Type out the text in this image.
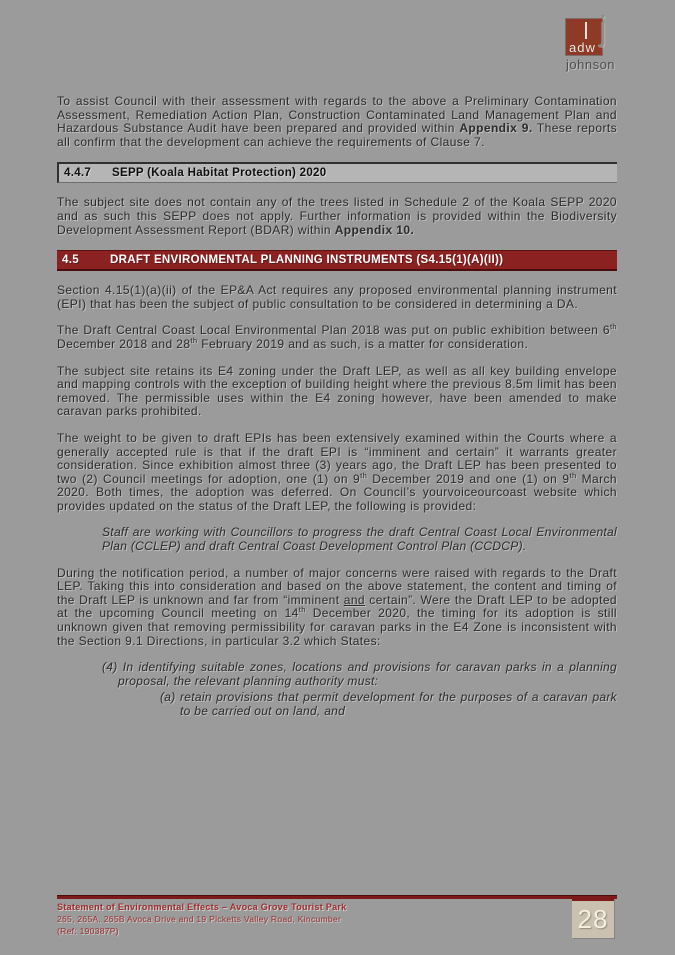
j
adw
johnson

To assist Council with their assessment with regards to the above a Preliminary Contamination Assessment, Remediation Action Plan, Construction Contaminated Land Management Plan and Hazardous Substance Audit have been prepared and provided within Appendix 9. These reports all confirm that the development can achieve the requirements of Clause 7.

4.4.7	SEPP (Koala Habitat Protection) 2020

The subject site does not contain any of the trees listed in Schedule 2 of the Koala SEPP 2020 and as such this SEPP does not apply. Further information is provided within the Biodiversity Development Assessment Report (BDAR) within Appendix 10.

4.5	DRAFT ENVIRONMENTAL PLANNING INSTRUMENTS (S4.15(1)(A)(II))

Section 4.15(1)(a)(ii) of the EP&A Act requires any proposed environmental planning instrument (EPI) that has been the subject of public consultation to be considered in determining a DA.

The Draft Central Coast Local Environmental Plan 2018 was put on public exhibition between 6th December 2018 and 28th February 2019 and as such, is a matter for consideration.

The subject site retains its E4 zoning under the Draft LEP, as well as all key building envelope and mapping controls with the exception of building height where the previous 8.5m limit has been removed. The permissible uses within the E4 zoning however, have been amended to make caravan parks prohibited.

The weight to be given to draft EPIs has been extensively examined within the Courts where a generally accepted rule is that if the draft EPI is “imminent and certain” it warrants greater consideration. Since exhibition almost three (3) years ago, the Draft LEP has been presented to two (2) Council meetings for adoption, one (1) on 9th December 2019 and one (1) on 9th March 2020. Both times, the adoption was deferred. On Council’s yourvoiceourcoast website which provides updated on the status of the Draft LEP, the following is provided:

Staff are working with Councillors to progress the draft Central Coast Local Environmental Plan (CCLEP) and draft Central Coast Development Control Plan (CCDCP).

During the notification period, a number of major concerns were raised with regards to the Draft LEP. Taking this into consideration and based on the above statement, the content and timing of the Draft LEP is unknown and far from “imminent and certain”. Were the Draft LEP to be adopted at the upcoming Council meeting on 14th December 2020, the timing for its adoption is still unknown given that removing permissibility for caravan parks in the E4 Zone is inconsistent with the Section 9.1 Directions, in particular 3.2 which States:

(4) In identifying suitable zones, locations and provisions for caravan parks in a planning proposal, the relevant planning authority must:

(a) retain provisions that permit development for the purposes of a caravan park to be carried out on land, and

Statement of Environmental Effects – Avoca Grove Tourist Park
265, 265A, 265B Avoca Drive and 19 Picketts Valley Road, Kincumber
(Ref: 190387P)	28
